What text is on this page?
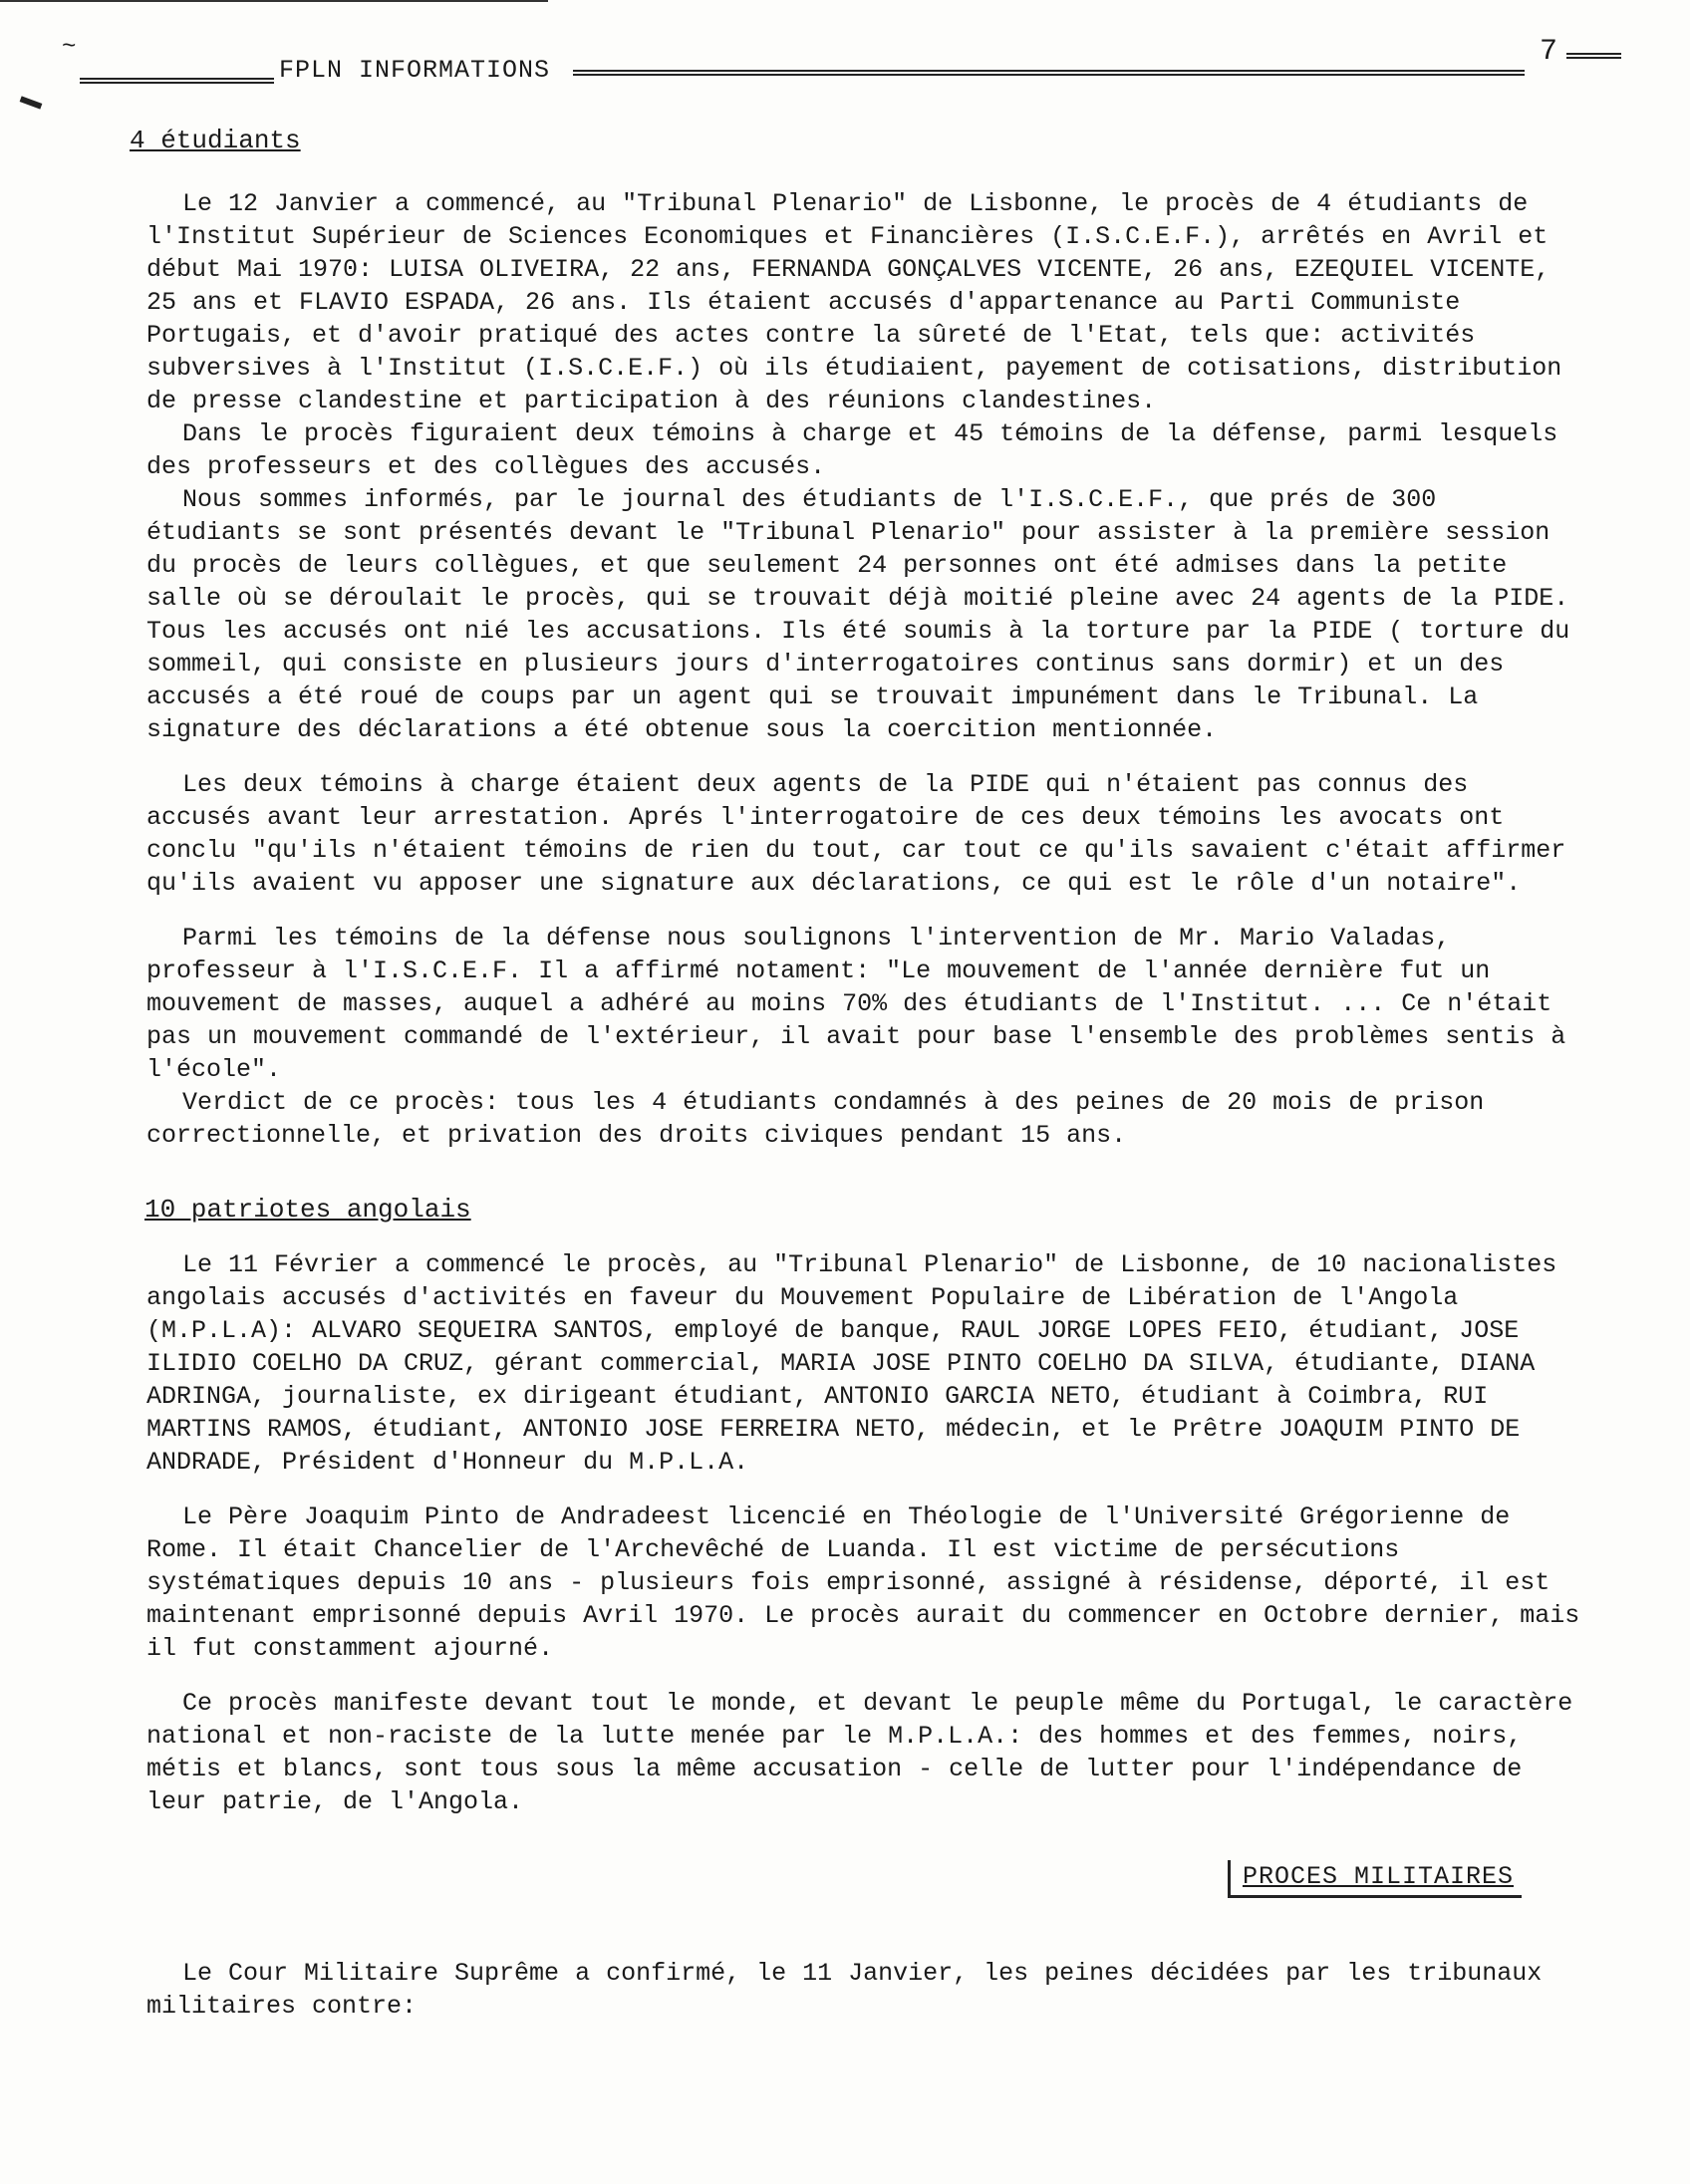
~
FPLN INFORMATIONS
7
4 étudiants

Le 12 Janvier a commencé, au "Tribunal Plenario" de Lisbonne, le procès de 4 étudiants de l'Institut Supérieur de Sciences Economiques et Financières (I.S.C.E.F.), arrêtés en Avril et début Mai 1970: LUISA OLIVEIRA, 22 ans, FERNANDA GONÇALVES VICENTE, 26 ans, EZEQUIEL VICENTE, 25 ans et FLAVIO ESPADA, 26 ans. Ils étaient accusés d'appartenance au Parti Communiste Portugais, et d'avoir pratiqué des actes contre la sûreté de l'Etat, tels que: activités subversives à l'Institut (I.S.C.E.F.) où ils étudiaient, payement de cotisations, distribution de presse clandestine et participation à des réunions clandestines.

Dans le procès figuraient deux témoins à charge et 45 témoins de la défense, parmi lesquels des professeurs et des collègues des accusés.

Nous sommes informés, par le journal des étudiants de l'I.S.C.E.F., que prés de 300 étudiants se sont présentés devant le "Tribunal Plenario" pour assister à la première session du procès de leurs collègues, et que seulement 24 personnes ont été admises dans la petite salle où se déroulait le procès, qui se trouvait déjà moitié pleine avec 24 agents de la PIDE. Tous les accusés ont nié les accusations. Ils été soumis à la torture par la PIDE ( torture du sommeil, qui consiste en plusieurs jours d'interrogatoires continus sans dormir) et un des accusés a été roué de coups par un agent qui se trouvait impunément dans le Tribunal. La signature des déclarations a été obtenue sous la coercition mentionnée.

Les deux témoins à charge étaient deux agents de la PIDE qui n'étaient pas connus des accusés avant leur arrestation. Aprés l'interrogatoire de ces deux témoins les avocats ont conclu "qu'ils n'étaient témoins de rien du tout, car tout ce qu'ils savaient c'était affirmer qu'ils avaient vu apposer une signature aux déclarations, ce qui est le rôle d'un notaire".

Parmi les témoins de la défense nous soulignons l'intervention de Mr. Mario Valadas, professeur à l'I.S.C.E.F. Il a affirmé notament: "Le mouvement de l'année dernière fut un mouvement de masses, auquel a adhéré au moins 70% des étudiants de l'Institut. ... Ce n'était pas un mouvement commandé de l'extérieur, il avait pour base l'ensemble des problèmes sentis à l'école".

Verdict de ce procès: tous les 4 étudiants condamnés à des peines de 20 mois de prison correctionnelle, et privation des droits civiques pendant 15 ans.

10 patriotes angolais

Le 11 Février a commencé le procès, au "Tribunal Plenario" de Lisbonne, de 10 nacionalistes angolais accusés d'activités en faveur du Mouvement Populaire de Libération de l'Angola (M.P.L.A): ALVARO SEQUEIRA SANTOS, employé de banque, RAUL JORGE LOPES FEIO, étudiant, JOSE ILIDIO COELHO DA CRUZ, gérant commercial, MARIA JOSE PINTO COELHO DA SILVA, étudiante, DIANA ADRINGA, journaliste, ex dirigeant étudiant, ANTONIO GARCIA NETO, étudiant à Coimbra, RUI MARTINS RAMOS, étudiant, ANTONIO JOSE FERREIRA NETO, médecin, et le Prêtre JOAQUIM PINTO DE ANDRADE, Président d'Honneur du M.P.L.A.

Le Père Joaquim Pinto de Andradeest licencié en Théologie de l'Université Grégorienne de Rome. Il était Chancelier de l'Archevêché de Luanda. Il est victime de persécutions systématiques depuis 10 ans - plusieurs fois emprisonné, assigné à résidense, déporté, il est maintenant emprisonné depuis Avril 1970. Le procès aurait du commencer en Octobre dernier, mais il fut constamment ajourné.

Ce procès manifeste devant tout le monde, et devant le peuple même du Portugal, le caractère national et non-raciste de la lutte menée par le M.P.L.A.: des hommes et des femmes, noirs, métis et blancs, sont tous sous la même accusation - celle de lutter pour l'indépendance de leur patrie, de l'Angola.

PROCES MILITAIRES

Le Cour Militaire Suprême a confirmé, le 11 Janvier, les peines décidées par les tribunaux militaires contre:
